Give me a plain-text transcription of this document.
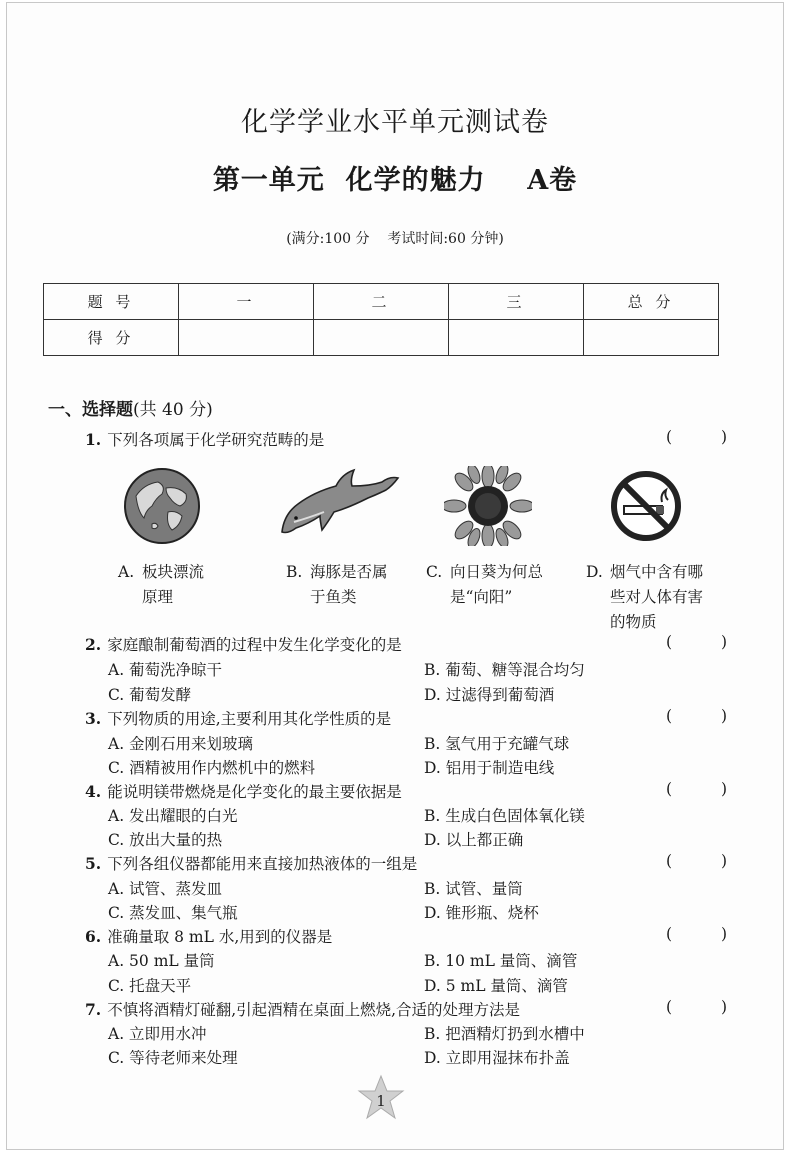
化学学业水平单元测试卷
第一单元  化学的魅力    A卷
(满分:100 分    考试时间:60 分钟)
题 号	一	二	三	总 分
得 分				
一、选择题(共 40 分)
1. 下列各项属于化学研究范畴的是	( )
A. 板块漂流
原理
B. 海豚是否属
于鱼类
C. 向日葵为何总
是“向阳”
D. 烟气中含有哪
些对人体有害
的物质
2. 家庭酿制葡萄酒的过程中发生化学变化的是	( )
A. 葡萄洗净晾干	B. 葡萄、糖等混合均匀
C. 葡萄发酵	D. 过滤得到葡萄酒
3. 下列物质的用途,主要利用其化学性质的是	( )
A. 金刚石用来划玻璃	B. 氢气用于充罐气球
C. 酒精被用作内燃机中的燃料	D. 铝用于制造电线
4. 能说明镁带燃烧是化学变化的最主要依据是	( )
A. 发出耀眼的白光	B. 生成白色固体氧化镁
C. 放出大量的热	D. 以上都正确
5. 下列各组仪器都能用来直接加热液体的一组是	( )
A. 试管、蒸发皿	B. 试管、量筒
C. 蒸发皿、集气瓶	D. 锥形瓶、烧杯
6. 准确量取 8 mL 水,用到的仪器是	( )
A. 50 mL 量筒	B. 10 mL 量筒、滴管
C. 托盘天平	D. 5 mL 量筒、滴管
7. 不慎将酒精灯碰翻,引起酒精在桌面上燃烧,合适的处理方法是	( )
A. 立即用水冲	B. 把酒精灯扔到水槽中
C. 等待老师来处理	D. 立即用湿抹布扑盖
1
